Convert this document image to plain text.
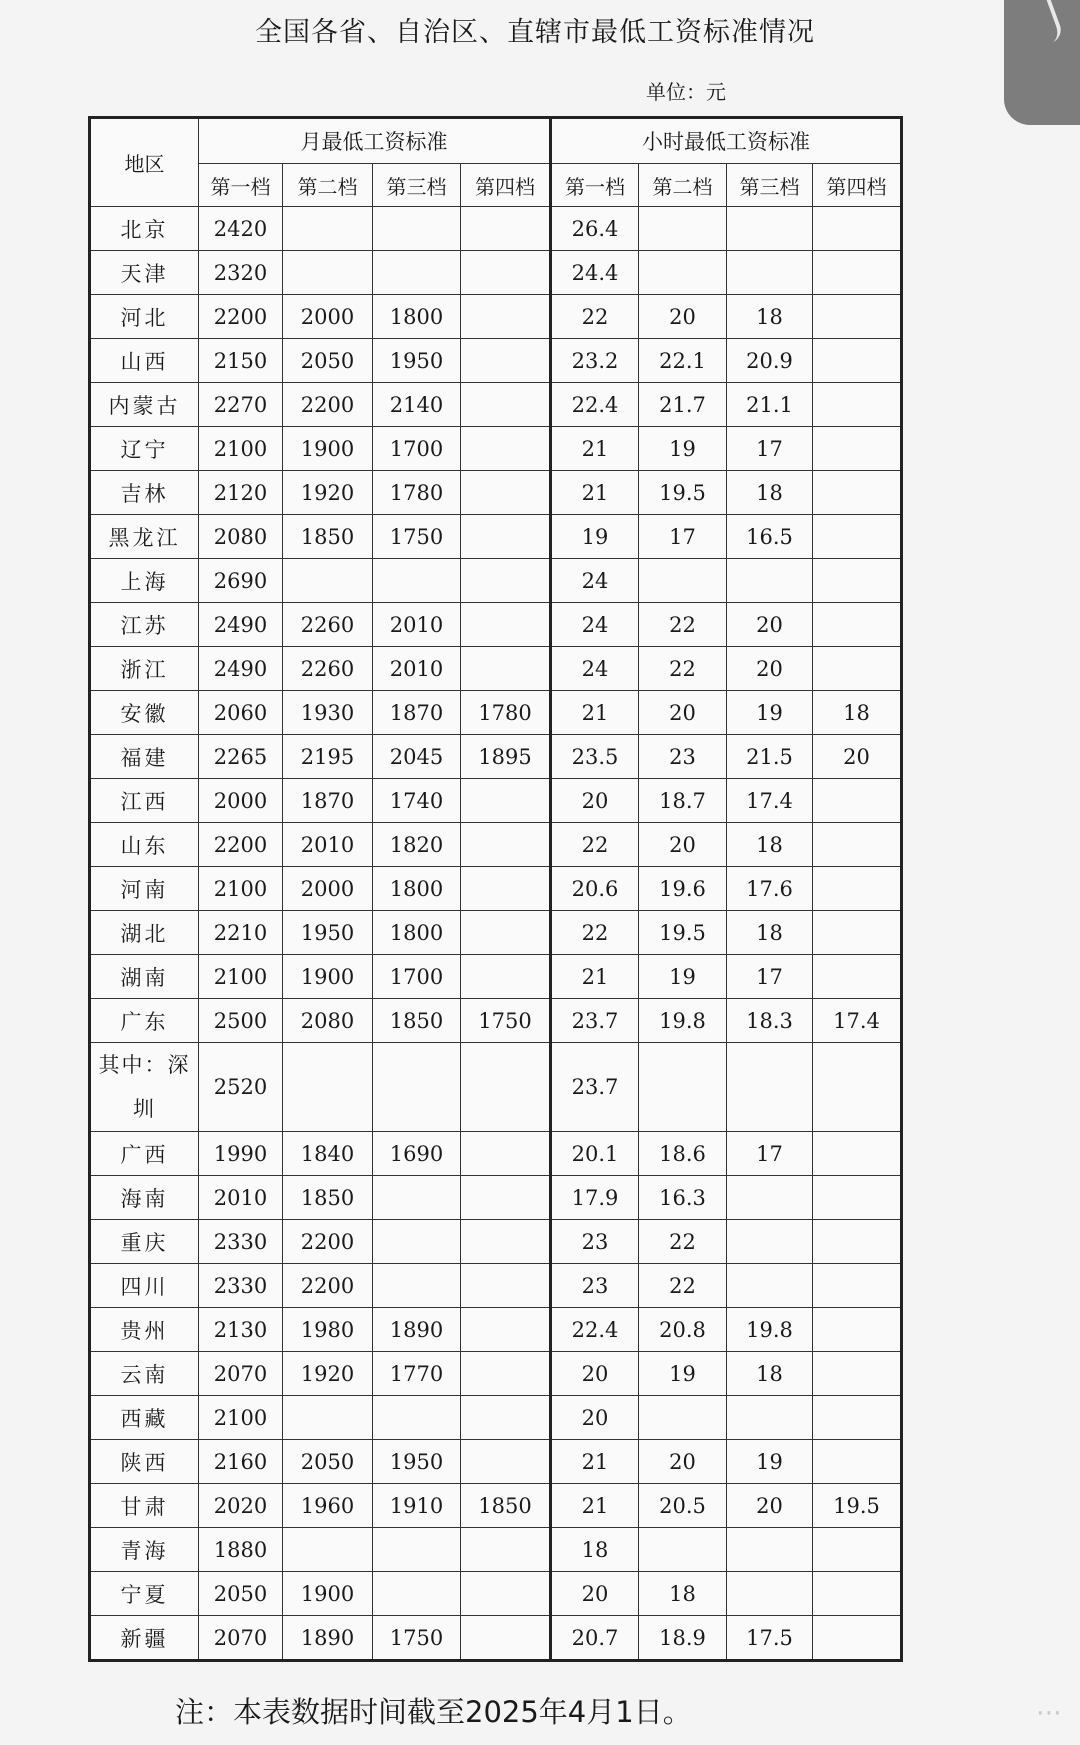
全国各省、自治区、直辖市最低工资标准情况
单位：元
地区	月最低工资标准				小时最低工资标准			
	第一档	第二档	第三档	第四档	第一档	第二档	第三档	第四档
北京	2420				26.4			
天津	2320				24.4			
河北	2200	2000	1800		22	20	18	
山西	2150	2050	1950		23.2	22.1	20.9	
内蒙古	2270	2200	2140		22.4	21.7	21.1	
辽宁	2100	1900	1700		21	19	17	
吉林	2120	1920	1780		21	19.5	18	
黑龙江	2080	1850	1750		19	17	16.5	
上海	2690				24			
江苏	2490	2260	2010		24	22	20	
浙江	2490	2260	2010		24	22	20	
安徽	2060	1930	1870	1780	21	20	19	18
福建	2265	2195	2045	1895	23.5	23	21.5	20
江西	2000	1870	1740		20	18.7	17.4	
山东	2200	2010	1820		22	20	18	
河南	2100	2000	1800		20.6	19.6	17.6	
湖北	2210	1950	1800		22	19.5	18	
湖南	2100	1900	1700		21	19	17	
广东	2500	2080	1850	1750	23.7	19.8	18.3	17.4
其中：深圳	2520				23.7			
广西	1990	1840	1690		20.1	18.6	17	
海南	2010	1850			17.9	16.3		
重庆	2330	2200			23	22		
四川	2330	2200			23	22		
贵州	2130	1980	1890		22.4	20.8	19.8	
云南	2070	1920	1770		20	19	18	
西藏	2100				20			
陕西	2160	2050	1950		21	20	19	
甘肃	2020	1960	1910	1850	21	20.5	20	19.5
青海	1880				18			
宁夏	2050	1900			20	18		
新疆	2070	1890	1750		20.7	18.9	17.5	
注：本表数据时间截至2025年4月1日。	⋯
